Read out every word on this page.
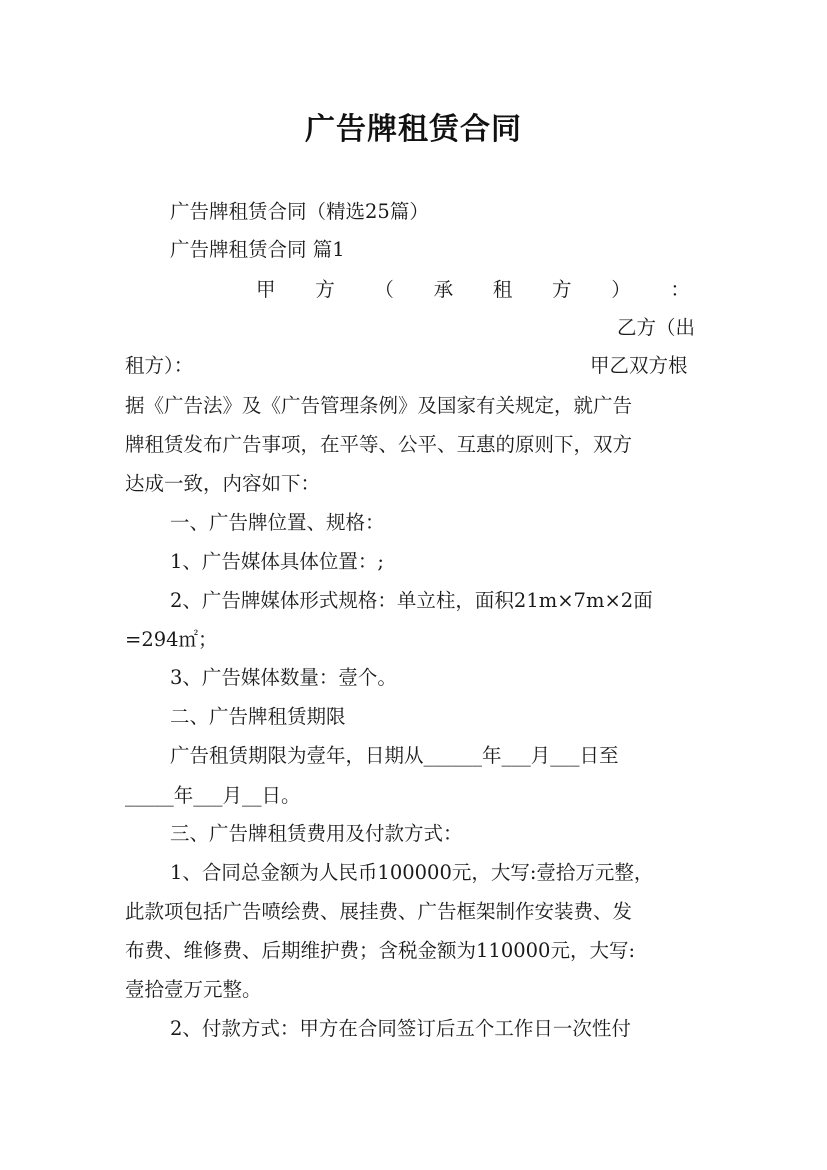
广告牌租赁合同
广告牌租赁合同（精选25篇）
广告牌租赁合同 篇1
甲 方 （ 承 租 方 ） ：
乙方（出
租方）：	甲乙双方根
据《广告法》及《广告管理条例》及国家有关规定，就广告
牌租赁发布广告事项，在平等、公平、互惠的原则下，双方
达成一致，内容如下：
一、广告牌位置、规格：
1、广告媒体具体位置：;
2、广告牌媒体形式规格：单立柱，面积21m×7m×2面
=294㎡；
3、广告媒体数量：壹个。
二、广告牌租赁期限
广告租赁期限为壹年，日期从______年___月___日至
_____年___月__日。
三、广告牌租赁费用及付款方式：
1、合同总金额为人民币100000元，大写:壹拾万元整，
此款项包括广告喷绘费、展挂费、广告框架制作安装费、发
布费、维修费、后期维护费；含税金额为110000元，大写:
壹拾壹万元整。
2、付款方式：甲方在合同签订后五个工作日一次性付
